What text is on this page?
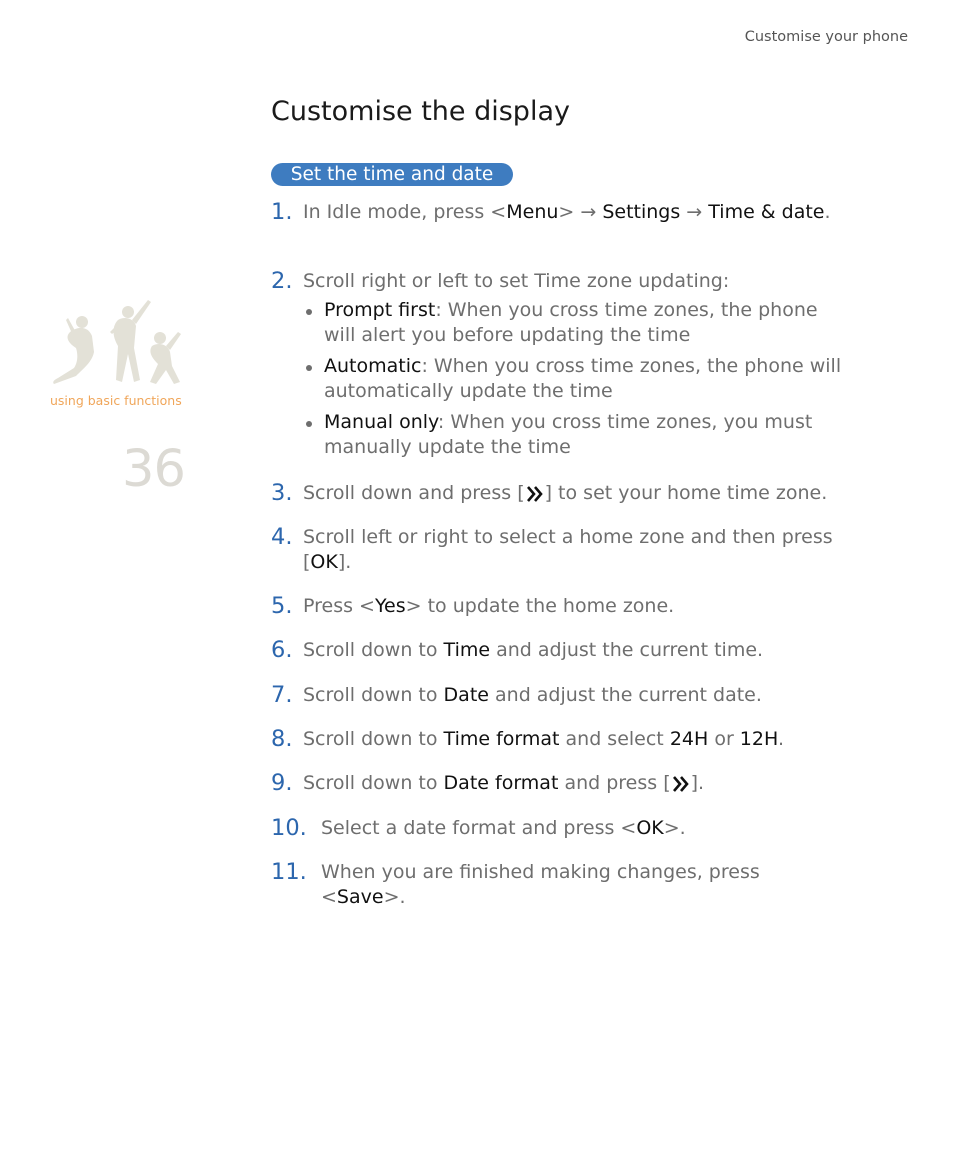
Customise your phone
using basic functions
36
Customise the display
Set the time and date
1. In Idle mode, press <Menu> → Settings → Time & date.
2. Scroll right or left to set Time zone updating:
Prompt first: When you cross time zones, the phone will alert you before updating the time
Automatic: When you cross time zones, the phone will automatically update the time
Manual only: When you cross time zones, you must manually update the time
3. Scroll down and press [ ] to set your home time zone.
4. Scroll left or right to select a home zone and then press [OK].
5. Press <Yes> to update the home zone.
6. Scroll down to Time and adjust the current time.
7. Scroll down to Date and adjust the current date.
8. Scroll down to Time format and select 24H or 12H.
9. Scroll down to Date format and press [ ].
10. Select a date format and press <OK>.
11. When you are finished making changes, press <Save>.
